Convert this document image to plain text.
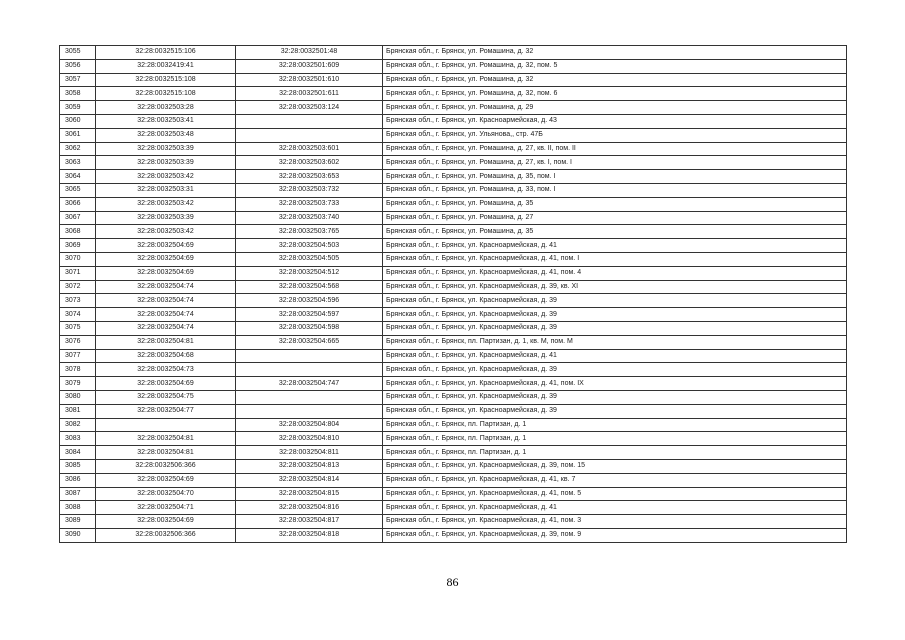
3055	32:28:0032515:106	32:28:0032501:48	Брянская обл., г. Брянск, ул. Ромашина, д. 32
3056	32:28:0032419:41	32:28:0032501:609	Брянская обл., г. Брянск, ул. Ромашина, д. 32, пом. 5
3057	32:28:0032515:108	32:28:0032501:610	Брянская обл., г. Брянск, ул. Ромашина, д. 32
3058	32:28:0032515:108	32:28:0032501:611	Брянская обл., г. Брянск, ул. Ромашина, д. 32, пом. 6
3059	32:28:0032503:28	32:28:0032503:124	Брянская обл., г. Брянск, ул. Ромашина, д. 29
3060	32:28:0032503:41		Брянская обл., г. Брянск, ул. Красноармейская, д. 43
3061	32:28:0032503:48		Брянская обл., г. Брянск, ул. Ульянова,, стр. 47Б
3062	32:28:0032503:39	32:28:0032503:601	Брянская обл., г. Брянск, ул. Ромашина, д. 27, кв. II, пом. II
3063	32:28:0032503:39	32:28:0032503:602	Брянская обл., г. Брянск, ул. Ромашина, д. 27, кв. I, пом. I
3064	32:28:0032503:42	32:28:0032503:653	Брянская обл., г. Брянск, ул. Ромашина, д. 35, пом. I
3065	32:28:0032503:31	32:28:0032503:732	Брянская обл., г. Брянск, ул. Ромашина, д. 33, пом. I
3066	32:28:0032503:42	32:28:0032503:733	Брянская обл., г. Брянск, ул. Ромашина, д. 35
3067	32:28:0032503:39	32:28:0032503:740	Брянская обл., г. Брянск, ул. Ромашина, д. 27
3068	32:28:0032503:42	32:28:0032503:765	Брянская обл., г. Брянск, ул. Ромашина, д. 35
3069	32:28:0032504:69	32:28:0032504:503	Брянская обл., г. Брянск, ул. Красноармейская, д. 41
3070	32:28:0032504:69	32:28:0032504:505	Брянская обл., г. Брянск, ул. Красноармейская, д. 41, пом. I
3071	32:28:0032504:69	32:28:0032504:512	Брянская обл., г. Брянск, ул. Красноармейская, д. 41, пом. 4
3072	32:28:0032504:74	32:28:0032504:568	Брянская обл., г. Брянск, ул. Красноармейская, д. 39, кв. XI
3073	32:28:0032504:74	32:28:0032504:596	Брянская обл., г. Брянск, ул. Красноармейская, д. 39
3074	32:28:0032504:74	32:28:0032504:597	Брянская обл., г. Брянск, ул. Красноармейская, д. 39
3075	32:28:0032504:74	32:28:0032504:598	Брянская обл., г. Брянск, ул. Красноармейская, д. 39
3076	32:28:0032504:81	32:28:0032504:665	Брянская обл., г. Брянск, пл. Партизан, д. 1, кв. М, пом. М
3077	32:28:0032504:68		Брянская обл., г. Брянск, ул. Красноармейская, д. 41
3078	32:28:0032504:73		Брянская обл., г. Брянск, ул. Красноармейская, д. 39
3079	32:28:0032504:69	32:28:0032504:747	Брянская обл., г. Брянск, ул. Красноармейская, д. 41, пом. IX
3080	32:28:0032504:75		Брянская обл., г. Брянск, ул. Красноармейская, д. 39
3081	32:28:0032504:77		Брянская обл., г. Брянск, ул. Красноармейская, д. 39
3082		32:28:0032504:804	Брянская обл., г. Брянск, пл. Партизан, д. 1
3083	32:28:0032504:81	32:28:0032504:810	Брянская обл., г. Брянск, пл. Партизан, д. 1
3084	32:28:0032504:81	32:28:0032504:811	Брянская обл., г. Брянск, пл. Партизан, д. 1
3085	32:28:0032506:366	32:28:0032504:813	Брянская обл., г. Брянск, ул. Красноармейская, д. 39, пом. 15
3086	32:28:0032504:69	32:28:0032504:814	Брянская обл., г. Брянск, ул. Красноармейская, д. 41, кв. 7
3087	32:28:0032504:70	32:28:0032504:815	Брянская обл., г. Брянск, ул. Красноармейская, д. 41, пом. 5
3088	32:28:0032504:71	32:28:0032504:816	Брянская обл., г. Брянск, ул. Красноармейская, д. 41
3089	32:28:0032504:69	32:28:0032504:817	Брянская обл., г. Брянск, ул. Красноармейская, д. 41, пом. 3
3090	32:28:0032506:366	32:28:0032504:818	Брянская обл., г. Брянск, ул. Красноармейская, д. 39, пом. 9
86
